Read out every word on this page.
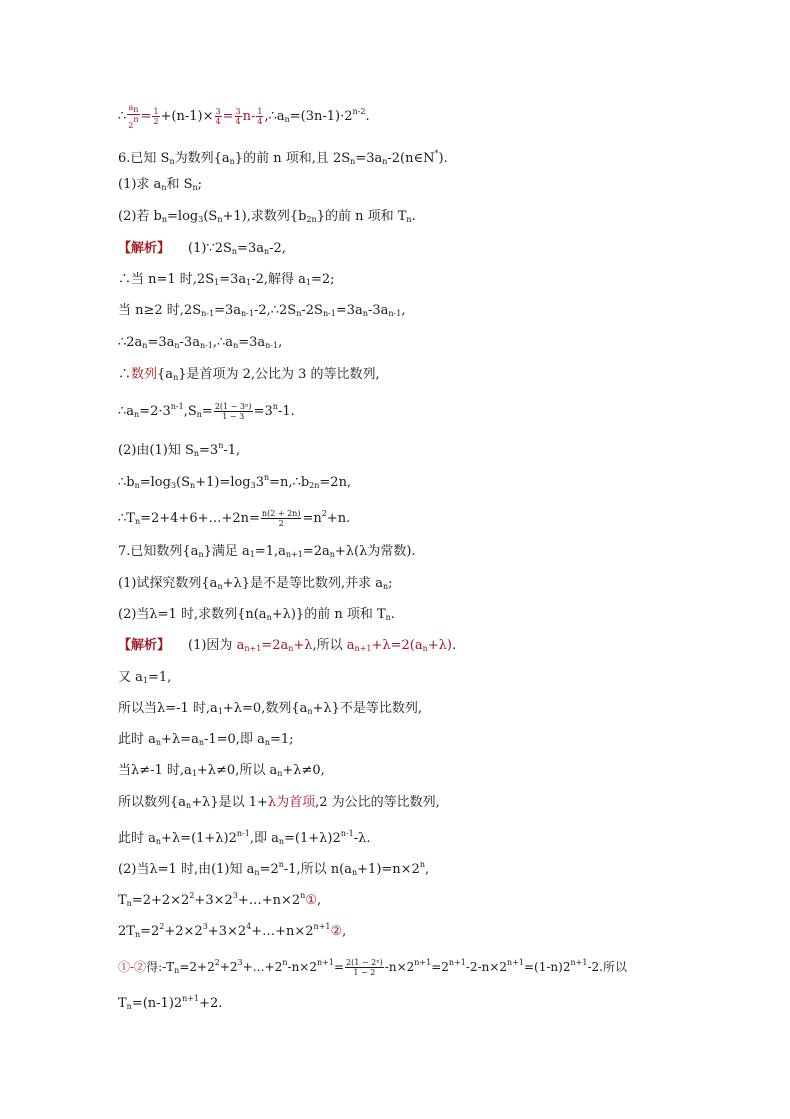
∴ $\frac{a_n}{2^n} = \frac{1}{2} +(n-1)\times \frac{3}{4} = \frac{3}{4} n- \frac{1}{4}$ $,\therefore a_n=(3n-1)\cdot 2^{n-2}$.
6.已知 $S_n$为数列$\{a_n\}$的前 n 项和,且 $2S_n=3a_n-2(n\in N^*)$.
(1)求 $a_n$和 $S_n$;
(2)若 $b_n=\log_3(S_n+1)$,求数列$\{b_{2n}\}$的前 n 项和 $T_n$.
【解析】 $(1)\because 2S_n=3a_n-2$,
∴当 n=1 时$,2S_1=3a_1-2$,解得 $a_1=2$;
当 n≥2 时$,2S_{n-1}=3a_{n-1}-2,\therefore 2S_n-2S_{n-1}=3a_n-3a_{n-1}$,
$\therefore 2a_n=3a_n-3a_{n-1},\therefore a_n=3a_{n-1}$,
∴数列$\{a_n\}$是首项为 2,公比为 3 的等比数列,
$\therefore a_n=2\cdot 3^{n-1},S_n= \frac{\text{2(1 − 3ⁿ)}}{1 - 3} =3^n-1$.
(2)由(1)知 $S_n=3^n-1$,
$\therefore b_n=\log_3(S_n+1)=\log_33^n=n,\therefore b_{2n}=2n$,
$\therefore T_n=2+4+6+\dots+2n= \frac{n(2 + 2n)}{2} =n^2+n$.
7.已知数列$\{a_n\}$满足 $a_1=1,a_{n+1}=2a_n+\lambda(\lambda$为常数).
(1)试探究数列$\{a_n+\lambda\}$是不是等比数列,并求 $a_n$;
(2)当λ=1 时,求数列$\{n(a_n+\lambda)\}$的前 n 项和 $T_n$.
【解析】 (1)因为 $a_{n+1}=2a_n+\lambda$,所以 $a_{n+1}+\lambda=2(a_n+\lambda)$.
又 $a_1=1$,
所以当λ=-1 时$,a_1+\lambda=0$,数列$\{a_n+\lambda\}$不是等比数列,
此时 $a_n+\lambda=a_n-1=0$,即 $a_n=1$;
当λ≠-1 时$,a_1+\lambda\ne 0$,所以 $a_n+\lambda\ne 0$,
所以数列$\{a_n+\lambda\}$是以 1+λ为首项,2 为公比的等比数列,
此时 $a_n+\lambda=(1+\lambda)2^{n-1}$,即 $a_n=(1+\lambda)2^{n-1}-\lambda$.
(2)当λ=1 时,由(1)知 $a_n=2^n-1$,所以 $n(a_n+1)=n\times 2^n$,
$T_n=2+2\times 2^2+3\times 2^3+\dots+n\times 2^n①$,
$2T_n=2^2+2\times 2^3+3\times 2^4+\dots+n\times 2^{n+1}②$,
①-②得$:-T_n=2+2^2+2^3+\dots+2^n-n\times 2^{n+1}= \frac{\text{2(1 − 2ⁿ)}}{1 - 2} -n\times 2^{n+1}=2^{n+1}-2-n\times 2^{n+1}=(1-n)2^{n+1}-2$.所以
$T_n=(n-1)2^{n+1}+2$.
